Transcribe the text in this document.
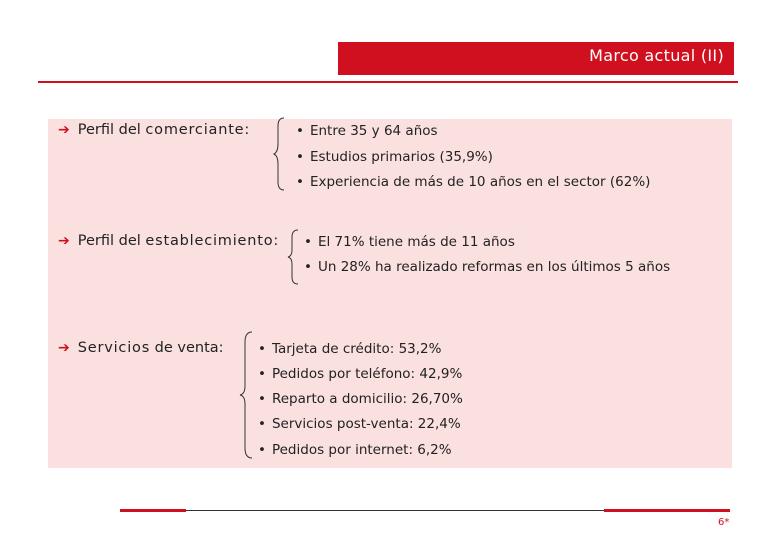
Marco actual (II)
➔ Perfil del comerciante:	• Entre 35 y 64 años
• Estudios primarios (35,9%)
• Experiencia de más de 10 años en el sector (62%)
➔ Perfil del establecimiento: • El 71% tiene más de 11 años
• Un 28% ha realizado reformas en los últimos 5 años
➔ Servicios de venta:	• Tarjeta de crédito: 53,2%
• Pedidos por teléfono: 42,9%
• Reparto a domicilio: 26,70%
• Servicios post-venta: 22,4%
• Pedidos por internet: 6,2%
6*
